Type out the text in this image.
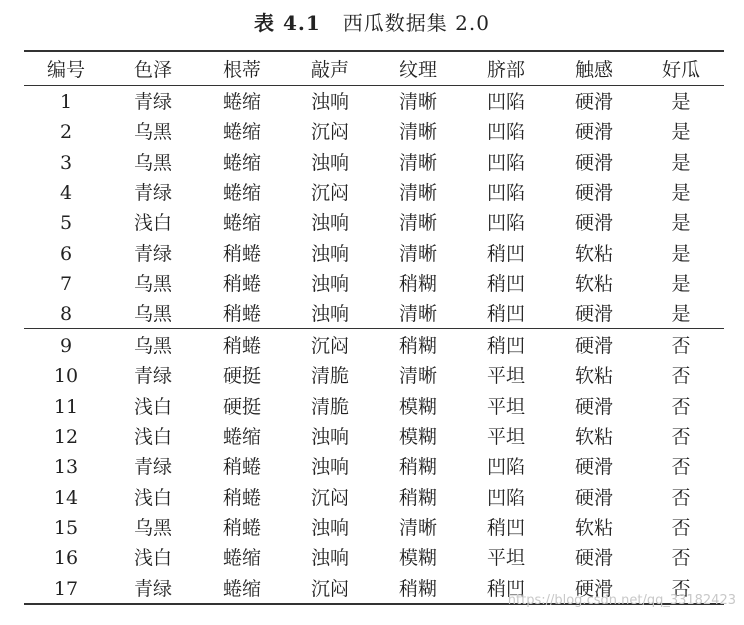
表 4.1 西瓜数据集 2.0
编号	色泽	根蒂	敲声	纹理	脐部	触感	好瓜
1	青绿	蜷缩	浊响	清晰	凹陷	硬滑	是
2	乌黑	蜷缩	沉闷	清晰	凹陷	硬滑	是
3	乌黑	蜷缩	浊响	清晰	凹陷	硬滑	是
4	青绿	蜷缩	沉闷	清晰	凹陷	硬滑	是
5	浅白	蜷缩	浊响	清晰	凹陷	硬滑	是
6	青绿	稍蜷	浊响	清晰	稍凹	软粘	是
7	乌黑	稍蜷	浊响	稍糊	稍凹	软粘	是
8	乌黑	稍蜷	浊响	清晰	稍凹	硬滑	是
9	乌黑	稍蜷	沉闷	稍糊	稍凹	硬滑	否
10	青绿	硬挺	清脆	清晰	平坦	软粘	否
11	浅白	硬挺	清脆	模糊	平坦	硬滑	否
12	浅白	蜷缩	浊响	模糊	平坦	软粘	否
13	青绿	稍蜷	浊响	稍糊	凹陷	硬滑	否
14	浅白	稍蜷	沉闷	稍糊	凹陷	硬滑	否
15	乌黑	稍蜷	浊响	清晰	稍凹	软粘	否
16	浅白	蜷缩	浊响	模糊	平坦	硬滑	否
17	青绿	蜷缩	沉闷	稍糊	稍凹	硬滑	否
https://blog.csdn.net/qq_33182423
